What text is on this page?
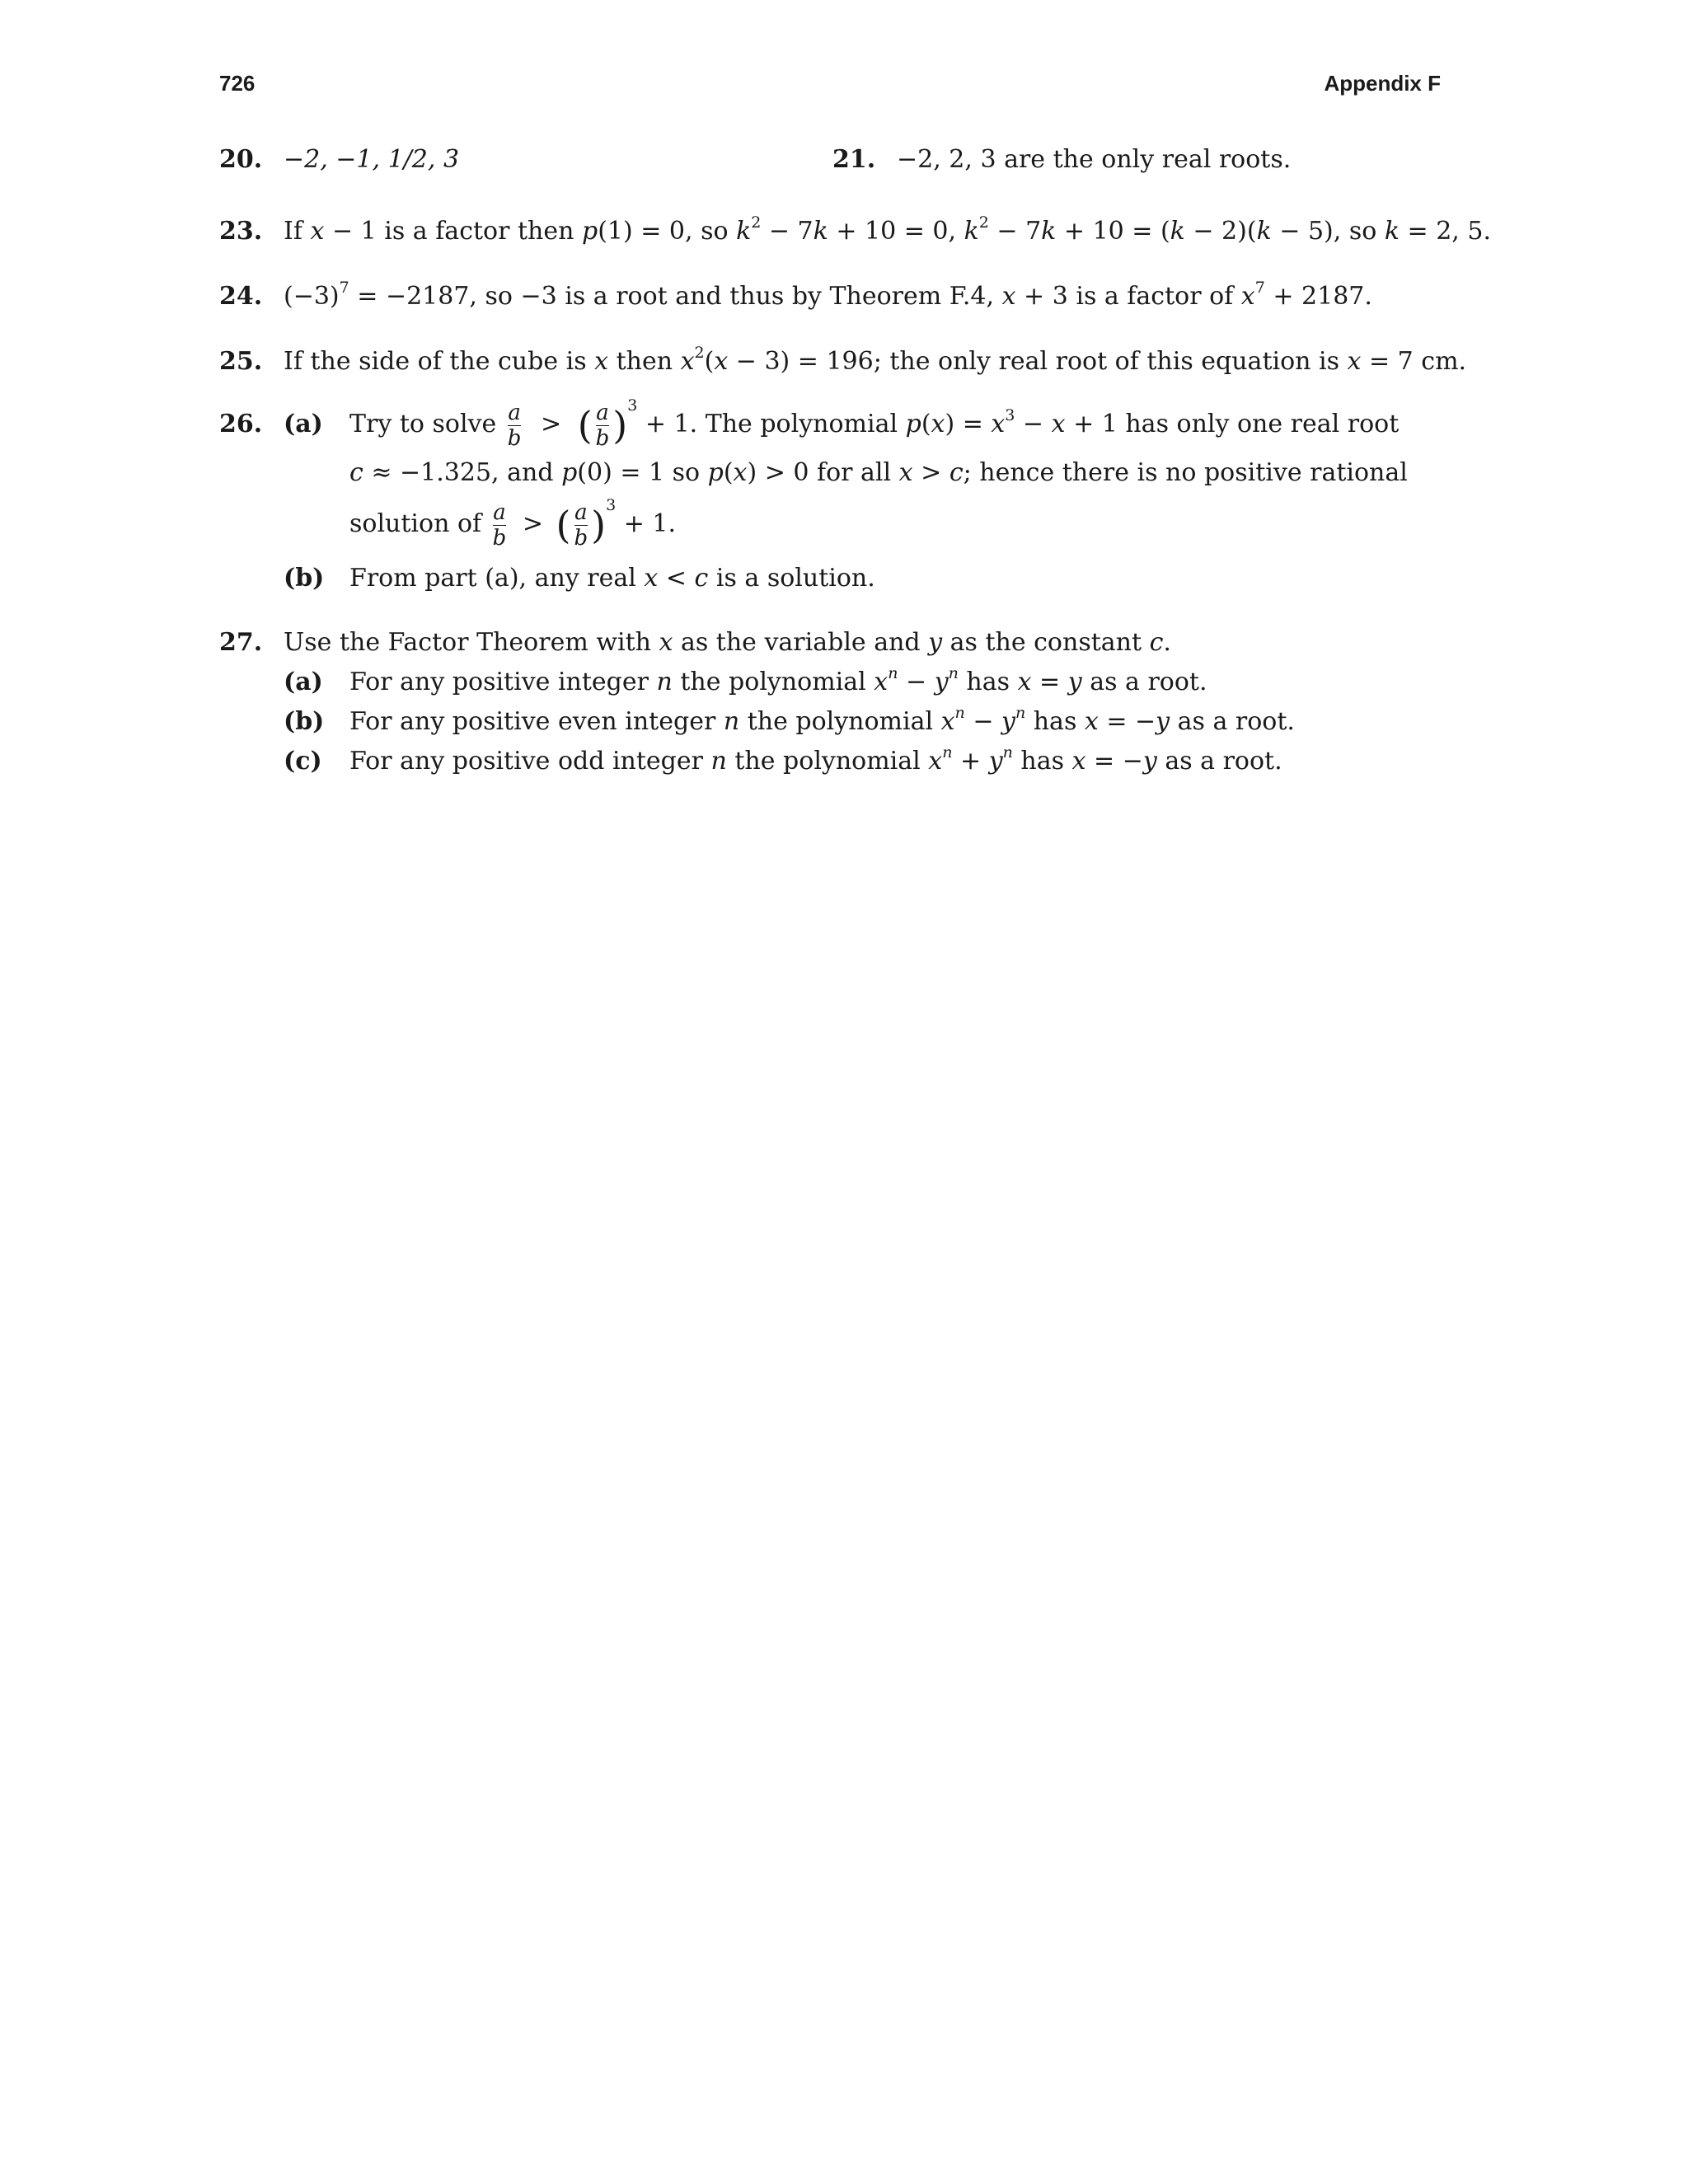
726	Appendix F
20. −2, −1, 1/2, 3	21. −2, 2, 3 are the only real roots.
23. If x − 1 is a factor then p(1) = 0, so $k^2 - 7k + 10 = 0$, $k^2 - 7k + 10 = (k - 2)(k - 5)$, so k = 2, 5.
24. $(-3)^7 = -2187$, so −3 is a root and thus by Theorem F.4, x + 3 is a factor of $x^7 + 2187$.
25. If the side of the cube is x then $x^2(x - 3) = 196$; the only real root of this equation is x = 7 cm.
26. (a) Try to solve $\frac{a}{b}$ > ( $\frac{a}{b} )^3 + 1$. The polynomial $p(x) = x^3 - x + 1$ has only one real root
c ≈ −1.325, and p(0) = 1 so p(x) > 0 for all x > c; hence there is no positive rational
solution of $\frac{a}{b}$ > ( $\frac{a}{b} )^3 + 1$.
(b) From part (a), any real x < c is a solution.
27. Use the Factor Theorem with x as the variable and y as the constant c.
(a) For any positive integer n the polynomial $x^n - y^n$ has x = y as a root.
(b) For any positive even integer n the polynomial $x^n - y^n$ has x = −y as a root.
(c) For any positive odd integer n the polynomial $x^n + y^n$ has x = −y as a root.
